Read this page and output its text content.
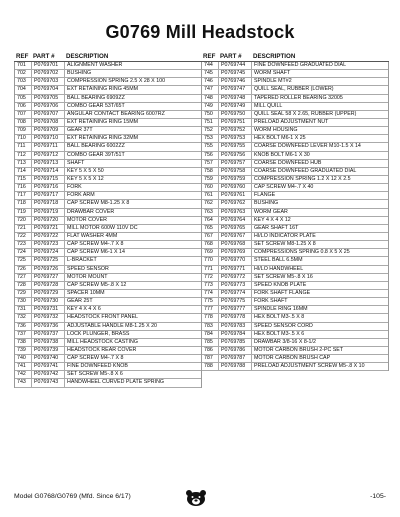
G0769 Mill Headstock
REF PART #	DESCRIPTION
701	P0769701	ALIGNMENT WASHER
702	P0769702	BUSHING
703	P0769703	COMPRESSION SPRING 2.5 X 28 X 100
704	P0769704	EXT RETAINING RING 45MM
705	P0769705	BALL BEARING 6909ZZ
706	P0769706	COMBO GEAR 53T/65T
707	P0769707	ANGULAR CONTACT BEARING 6007RZ
708	P0769708	EXT RETAINING RING 15MM
709	P0769709	GEAR 37T
710	P0769710	EXT RETAINING RING 32MM
711	P0769711	BALL BEARING 6002ZZ
712	P0769712	COMBO GEAR 39T/51T
713	P0769713	SHAFT
714	P0769714	KEY 5 X 5 X 50
715	P0769715	KEY 5 X 5 X 12
716	P0769716	FORK
717	P0769717	FORK ARM
718	P0769718	CAP SCREW M8-1.25 X 8
719	P0769719	DRAWBAR COVER
720	P0769720	MOTOR COVER
721	P0769721	MILL MOTOR 600W 110V DC
722	P0769722	FLAT WASHER 4MM
723	P0769723	CAP SCREW M4-.7 X 8
724	P0769724	CAP SCREW M6-1 X 14
725	P0769725	L-BRACKET
726	P0769726	SPEED SENSOR
727	P0769727	MOTOR MOUNT
728	P0769728	CAP SCREW M5-.8 X 12
729	P0769729	SPACER 10MM
730	P0769730	GEAR 25T
731	P0769731	KEY 4 X 4 X 6
732	P0769732	HEADSTOCK FRONT PANEL
736	P0769736	ADJUSTABLE HANDLE M8-1.25 X 20
737	P0769737	LOCK PLUNGER, BRASS
738	P0769738	MILL HEADSTOCK CASTING
739	P0769739	HEADSTOCK REAR COVER
740	P0769740	CAP SCREW M4-.7 X 8
741	P0769741	FINE DOWNFEED KNOB
742	P0769742	SET SCREW M5-.8 X 6
743	P0769743	HANDWHEEL CURVED PLATE SPRING
REF PART #	DESCRIPTION
744	P0769744	FINE DOWNFEED GRADUATED DIAL
745	P0769745	WORM SHAFT
746	P0769746	SPINDLE MT#2
747	P0769747	QUILL SEAL, RUBBER (LOWER)
748	P0769748	TAPERED ROLLER BEARING 32005
749	P0769749	MILL QUILL
750	P0769750	QUILL SEAL 58 X 2.65, RUBBER (UPPER)
751	P0769751	PRELOAD ADJUSTMENT NUT
752	P0769752	WORM HOUSING
753	P0769753	HEX BOLT M6-1 X 25
755	P0769755	COARSE DOWNFEED LEVER M10-1.5 X 14
756	P0769756	KNOB BOLT M6-1 X 30
757	P0769757	COARSE DOWNFEED HUB
758	P0769758	COARSE DOWNFEED GRADUATED DIAL
759	P0769759	COMPRESSION SPRING 1.2 X 12 X 2.5
760	P0769760	CAP SCREW M4-.7 X 40
761	P0769761	FLANGE
762	P0769762	BUSHING
763	P0769763	WORM GEAR
764	P0769764	KEY 4 X 4 X 12
765	P0769765	GEAR SHAFT 16T
767	P0769767	HI/LO INDICATOR PLATE
768	P0769768	SET SCREW M8-1.25 X 8
769	P0769769	COMPRESSIONS SPRING 0.8 X 5 X 25
770	P0769770	STEEL BALL 6.5MM
771	P0769771	HI/LO HANDWHEEL
772	P0769772	SET SCREW M5-.8 X 16
773	P0769773	SPEED KNOB PLATE
774	P0769774	FORK SHAFT FLANGE
775	P0769775	FORK SHAFT
777	P0769777	SPINDLE RING 16MM
778	P0769778	HEX BOLT M3-.5 X 8
783	P0769783	SPEED SENSOR CORD
784	P0769784	HEX BOLT M3-.5 X 6
785	P0769785	DRAWBAR 3/8-16 X 8-1/2
786	P0769786	MOTOR CARBON BRUSH 2-PC SET
787	P0769787	MOTOR CARBON BRUSH CAP
788	P0769788	PRELOAD ADJUSTMENT SCREW M5-.8 X 10
Model G0768/G0769 (Mfd. Since 6/17)	-105-
